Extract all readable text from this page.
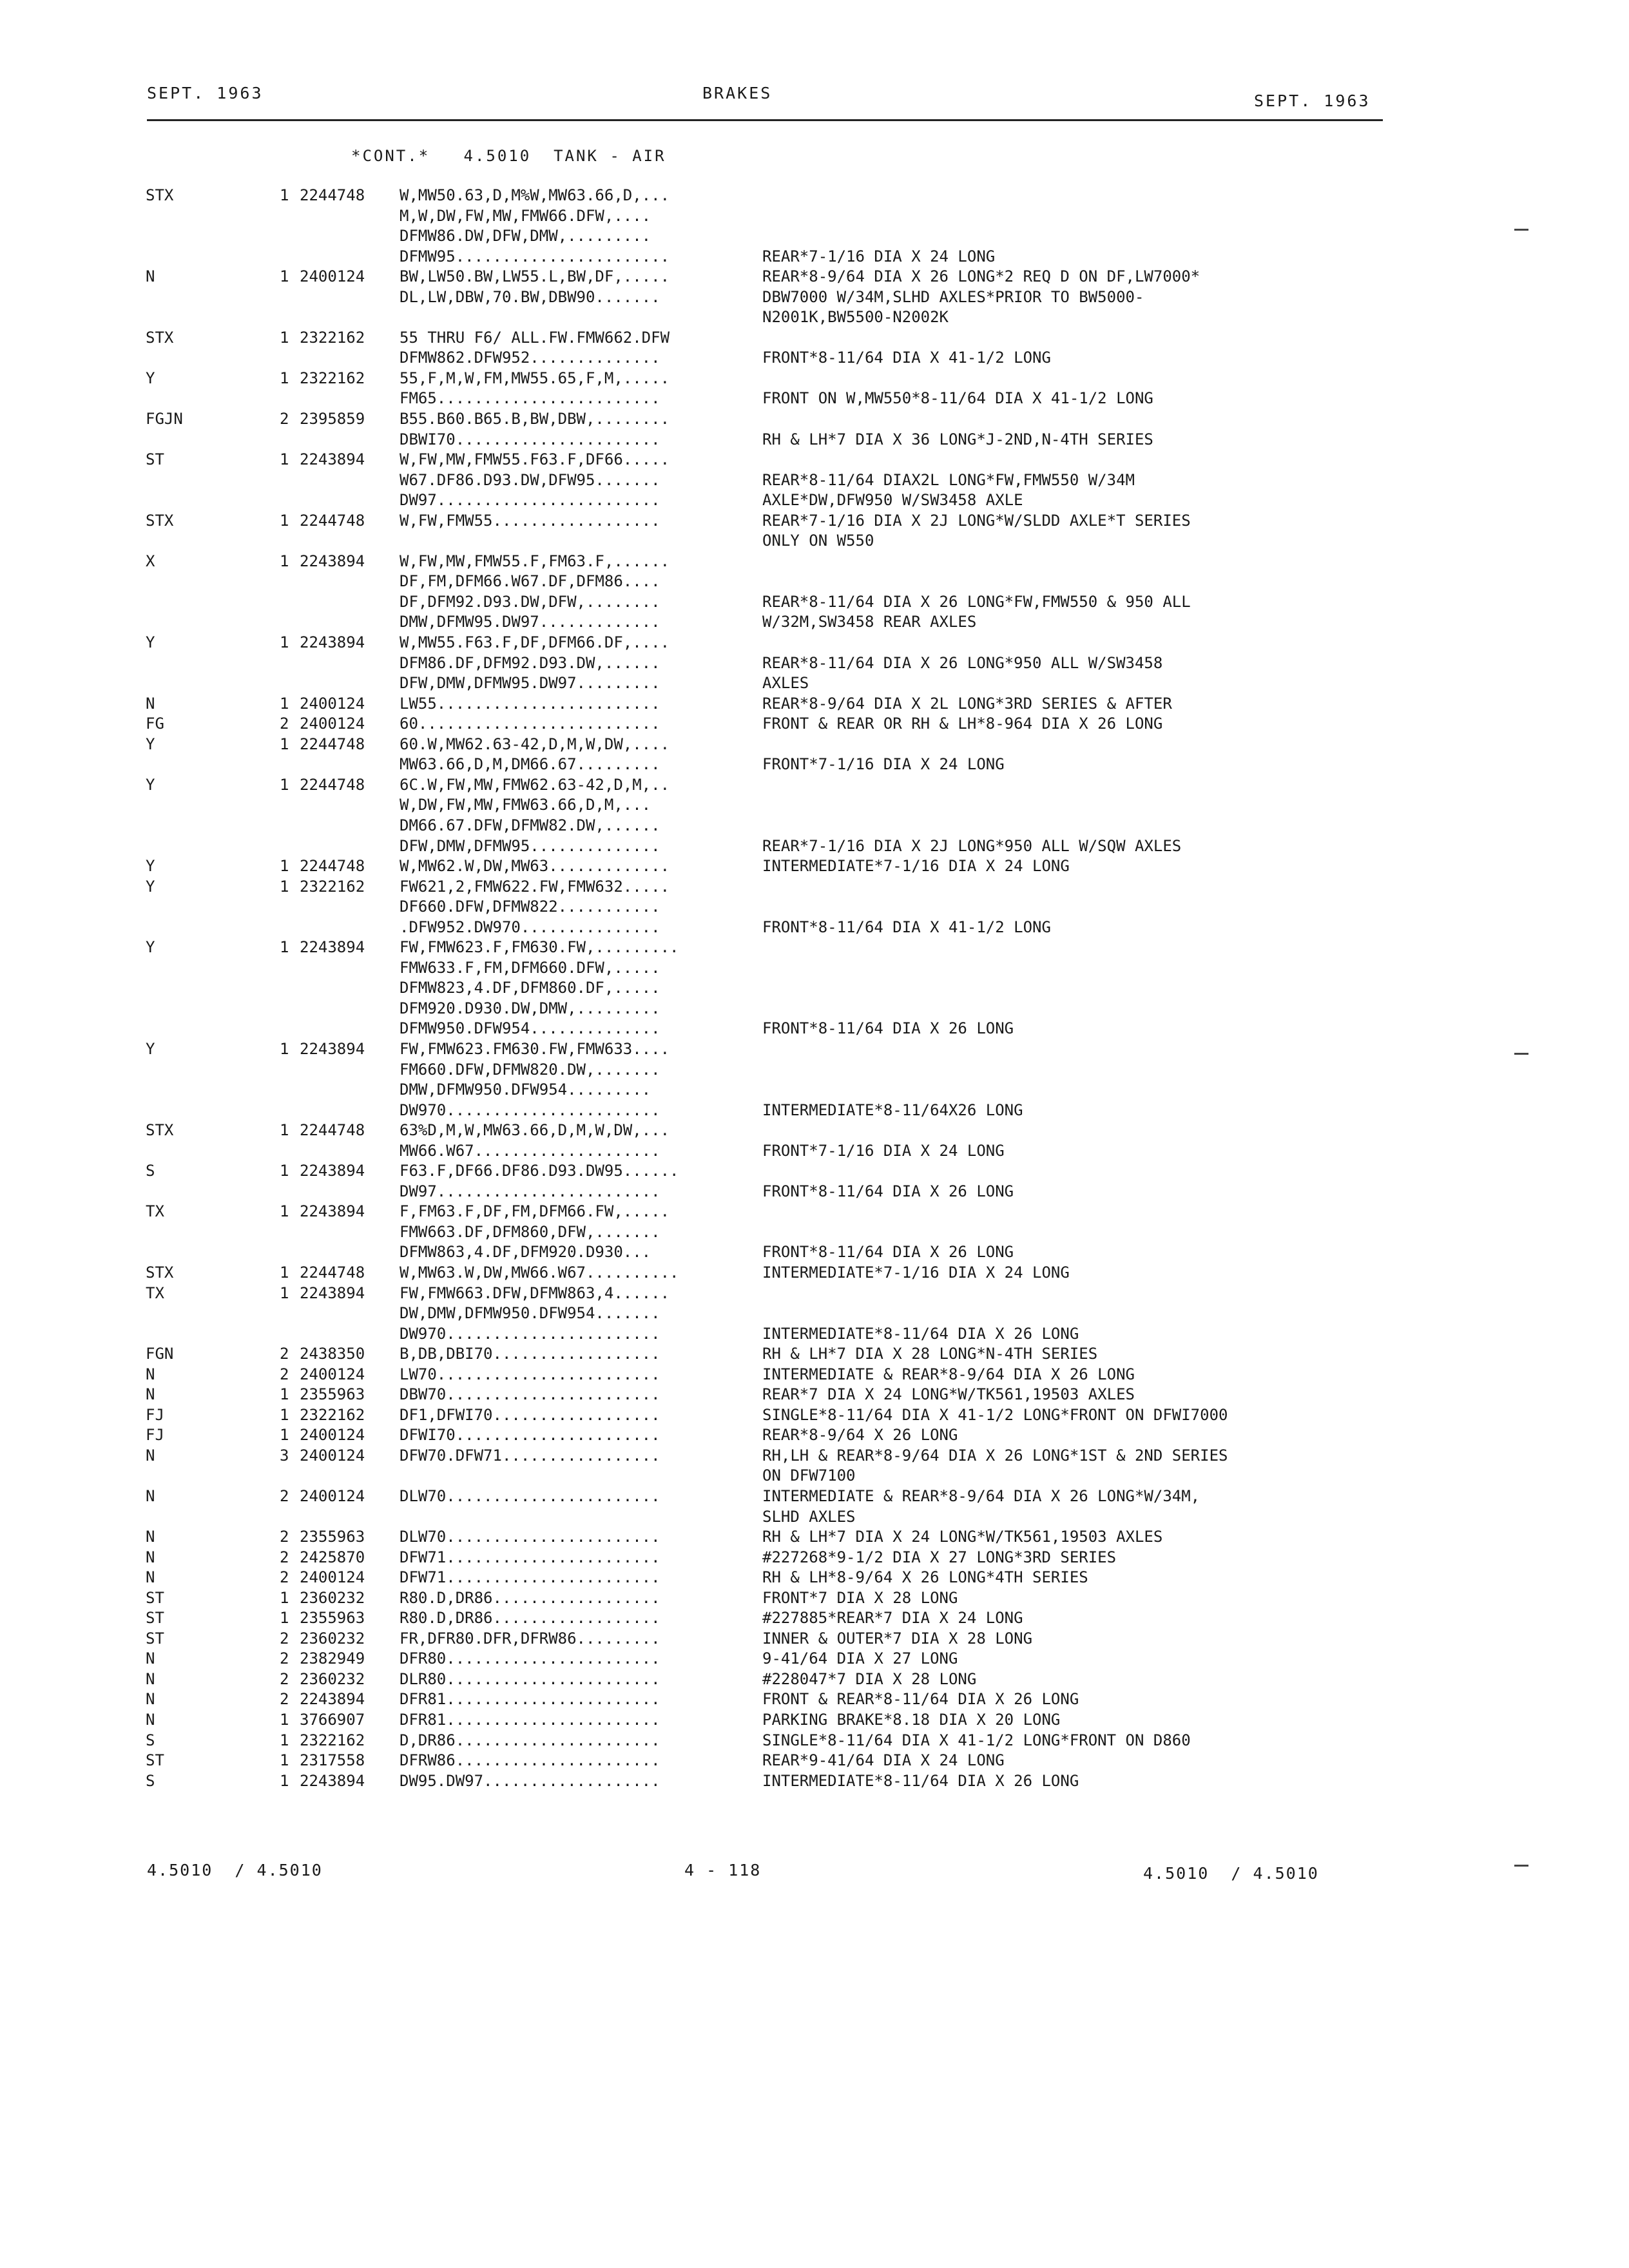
SEPT. 1963	BRAKES	SEPT. 1963
*CONT.*   4.5010  TANK - AIR
STX	1 2244748 W,MW50.63,D,M%W,MW63.66,D,...
M,W,DW,FW,MW,FMW66.DFW,....
DFMW86.DW,DFW,DMW,.........
DFMW95.......................	REAR*7-1/16 DIA X 24 LONG
N	1 2400124 BW,LW50.BW,LW55.L,BW,DF,.....	REAR*8-9/64 DIA X 26 LONG*2 REQ D ON DF,LW7000*
DL,LW,DBW,70.BW,DBW90.......	DBW7000 W/34M,SLHD AXLES*PRIOR TO BW5000-
N2001K,BW5500-N2002K
STX	1 2322162 55 THRU F6/ ALL.FW.FMW662.DFW
DFMW862.DFW952..............	FRONT*8-11/64 DIA X 41-1/2 LONG
Y	1 2322162 55,F,M,W,FM,MW55.65,F,M,.....
FM65........................	FRONT ON W,MW550*8-11/64 DIA X 41-1/2 LONG
FGJN	2 2395859 B55.B60.B65.B,BW,DBW,........
DBWI70......................	RH & LH*7 DIA X 36 LONG*J-2ND,N-4TH SERIES
ST	1 2243894 W,FW,MW,FMW55.F63.F,DF66.....
W67.DF86.D93.DW,DFW95.......	REAR*8-11/64 DIAX2L LONG*FW,FMW550 W/34M
DW97........................	AXLE*DW,DFW950 W/SW3458 AXLE
STX	1 2244748 W,FW,FMW55..................	REAR*7-1/16 DIA X 2J LONG*W/SLDD AXLE*T SERIES
ONLY ON W550
X	1 2243894 W,FW,MW,FMW55.F,FM63.F,......
DF,FM,DFM66.W67.DF,DFM86....
DF,DFM92.D93.DW,DFW,........	REAR*8-11/64 DIA X 26 LONG*FW,FMW550 & 950 ALL
DMW,DFMW95.DW97.............	W/32M,SW3458 REAR AXLES
Y	1 2243894 W,MW55.F63.F,DF,DFM66.DF,....
DFM86.DF,DFM92.D93.DW,......	REAR*8-11/64 DIA X 26 LONG*950 ALL W/SW3458
DFW,DMW,DFMW95.DW97.........	AXLES
N	1 2400124 LW55........................	REAR*8-9/64 DIA X 2L LONG*3RD SERIES & AFTER
FG	2 2400124 60..........................	FRONT & REAR OR RH & LH*8-964 DIA X 26 LONG
Y	1 2244748 60.W,MW62.63-42,D,M,W,DW,....
MW63.66,D,M,DM66.67.........	FRONT*7-1/16 DIA X 24 LONG
Y	1 2244748 6C.W,FW,MW,FMW62.63-42,D,M,..
W,DW,FW,MW,FMW63.66,D,M,...
DM66.67.DFW,DFMW82.DW,......
DFW,DMW,DFMW95..............	REAR*7-1/16 DIA X 2J LONG*950 ALL W/SQW AXLES
Y	1 2244748 W,MW62.W,DW,MW63.............	INTERMEDIATE*7-1/16 DIA X 24 LONG
Y	1 2322162 FW621,2,FMW622.FW,FMW632.....
DF660.DFW,DFMW822...........
.DFW952.DW970...............	FRONT*8-11/64 DIA X 41-1/2 LONG
Y	1 2243894 FW,FMW623.F,FM630.FW,.........
FMW633.F,FM,DFM660.DFW,.....
DFMW823,4.DF,DFM860.DF,.....
DFM920.D930.DW,DMW,.........
DFMW950.DFW954..............	FRONT*8-11/64 DIA X 26 LONG
Y	1 2243894 FW,FMW623.FM630.FW,FMW633....
FM660.DFW,DFMW820.DW,.......
DMW,DFMW950.DFW954.........
DW970.......................	INTERMEDIATE*8-11/64X26 LONG
STX	1 2244748 63%D,M,W,MW63.66,D,M,W,DW,...
MW66.W67....................	FRONT*7-1/16 DIA X 24 LONG
S	1 2243894 F63.F,DF66.DF86.D93.DW95......
DW97........................	FRONT*8-11/64 DIA X 26 LONG
TX	1 2243894 F,FM63.F,DF,FM,DFM66.FW,.....
FMW663.DF,DFM860,DFW,.......
DFMW863,4.DF,DFM920.D930...	FRONT*8-11/64 DIA X 26 LONG
STX	1 2244748 W,MW63.W,DW,MW66.W67..........	INTERMEDIATE*7-1/16 DIA X 24 LONG
TX	1 2243894 FW,FMW663.DFW,DFMW863,4......
DW,DMW,DFMW950.DFW954.......
DW970.......................	INTERMEDIATE*8-11/64 DIA X 26 LONG
FGN	2 2438350 B,DB,DBI70..................	RH & LH*7 DIA X 28 LONG*N-4TH SERIES
N	2 2400124 LW70........................	INTERMEDIATE & REAR*8-9/64 DIA X 26 LONG
N	1 2355963 DBW70.......................	REAR*7 DIA X 24 LONG*W/TK561,19503 AXLES
FJ	1 2322162 DF1,DFWI70..................	SINGLE*8-11/64 DIA X 41-1/2 LONG*FRONT ON DFWI7000
FJ	1 2400124 DFWI70......................	REAR*8-9/64 X 26 LONG
N	3 2400124 DFW70.DFW71.................	RH,LH & REAR*8-9/64 DIA X 26 LONG*1ST & 2ND SERIES
ON DFW7100
N	2 2400124 DLW70.......................	INTERMEDIATE & REAR*8-9/64 DIA X 26 LONG*W/34M,
SLHD AXLES
N	2 2355963 DLW70.......................	RH & LH*7 DIA X 24 LONG*W/TK561,19503 AXLES
N	2 2425870 DFW71.......................	#227268*9-1/2 DIA X 27 LONG*3RD SERIES
N	2 2400124 DFW71.......................	RH & LH*8-9/64 X 26 LONG*4TH SERIES
ST	1 2360232 R80.D,DR86..................	FRONT*7 DIA X 28 LONG
ST	1 2355963 R80.D,DR86..................	#227885*REAR*7 DIA X 24 LONG
ST	2 2360232 FR,DFR80.DFR,DFRW86.........	INNER & OUTER*7 DIA X 28 LONG
N	2 2382949 DFR80.......................	9-41/64 DIA X 27 LONG
N	2 2360232 DLR80.......................	#228047*7 DIA X 28 LONG
N	2 2243894 DFR81.......................	FRONT & REAR*8-11/64 DIA X 26 LONG
N	1 3766907 DFR81.......................	PARKING BRAKE*8.18 DIA X 20 LONG
S	1 2322162 D,DR86......................	SINGLE*8-11/64 DIA X 41-1/2 LONG*FRONT ON D860
ST	1 2317558 DFRW86......................	REAR*9-41/64 DIA X 24 LONG
S	1 2243894 DW95.DW97...................	INTERMEDIATE*8-11/64 DIA X 26 LONG
4.5010  / 4.5010	4 - 118	4.5010  / 4.5010
